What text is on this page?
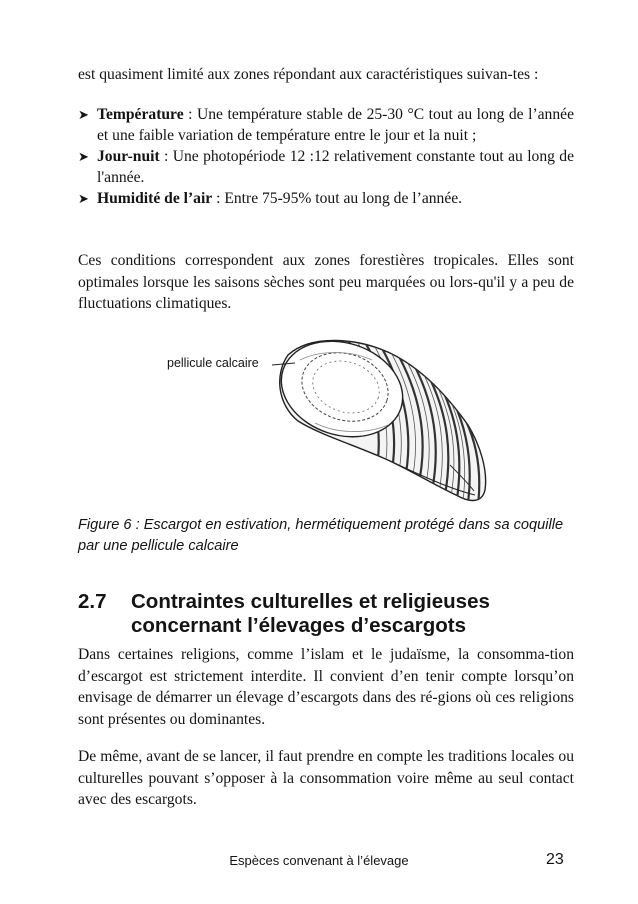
est quasiment limité aux zones répondant aux caractéristiques suivan-tes :
➤ Température : Une température stable de 25-30 °C tout au long de l’année et une faible variation de température entre le jour et la nuit ;
➤ Jour-nuit : Une photopériode 12 :12 relativement constante tout au long de l'année.
➤ Humidité de l’air : Entre 75-95% tout au long de l’année.
Ces conditions correspondent aux zones forestières tropicales. Elles sont optimales lorsque les saisons sèches sont peu marquées ou lors-qu'il y a peu de fluctuations climatiques.
pellicule calcaire
Figure 6 : Escargot en estivation, hermétiquement protégé dans sa coquille par une pellicule calcaire
2.7 Contraintes culturelles et religieuses concernant l’élevages d’escargots
Dans certaines religions, comme l’islam et le judaïsme, la consomma-tion d’escargot est strictement interdite. Il convient d’en tenir compte lorsqu’on envisage de démarrer un élevage d’escargots dans des ré-gions où ces religions sont présentes ou dominantes.
De même, avant de se lancer, il faut prendre en compte les traditions locales ou culturelles pouvant s’opposer à la consommation voire même au seul contact avec des escargots.
Espèces convenant à l’élevage	23
